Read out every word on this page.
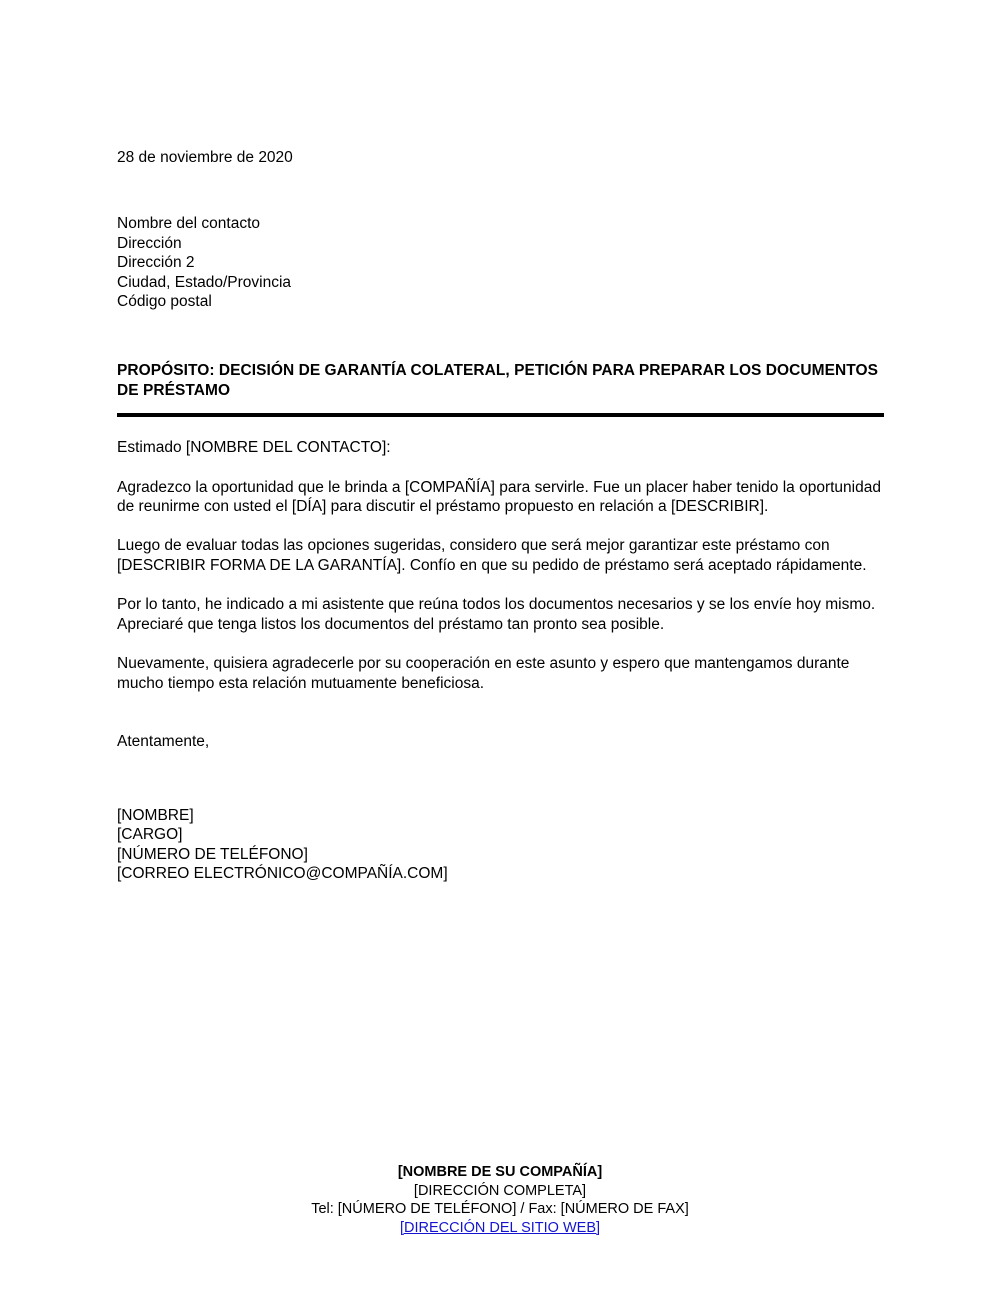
28 de noviembre de 2020
Nombre del contacto
Dirección
Dirección 2
Ciudad, Estado/Provincia
Código postal
PROPÓSITO: DECISIÓN DE GARANTÍA COLATERAL, PETICIÓN PARA PREPARAR LOS DOCUMENTOS DE PRÉSTAMO

Estimado [NOMBRE DEL CONTACTO]:

Agradezco la oportunidad que le brinda a [COMPAÑÍA] para servirle. Fue un placer haber tenido la oportunidad de reunirme con usted el [DÍA] para discutir el préstamo propuesto en relación a [DESCRIBIR].

Luego de evaluar todas las opciones sugeridas, considero que será mejor garantizar este préstamo con [DESCRIBIR FORMA DE LA GARANTÍA]. Confío en que su pedido de préstamo será aceptado rápidamente.

Por lo tanto, he indicado a mi asistente que reúna todos los documentos necesarios y se los envíe hoy mismo. Apreciaré que tenga listos los documentos del préstamo tan pronto sea posible.

Nuevamente, quisiera agradecerle por su cooperación en este asunto y espero que mantengamos durante mucho tiempo esta relación mutuamente beneficiosa.

Atentamente,

[NOMBRE]
[CARGO]
[NÚMERO DE TELÉFONO]
[CORREO ELECTRÓNICO@COMPAÑÍA.COM]
[NOMBRE DE SU COMPAÑÍA]
[DIRECCIÓN COMPLETA]
Tel: [NÚMERO DE TELÉFONO] / Fax: [NÚMERO DE FAX]
[DIRECCIÓN DEL SITIO WEB]
